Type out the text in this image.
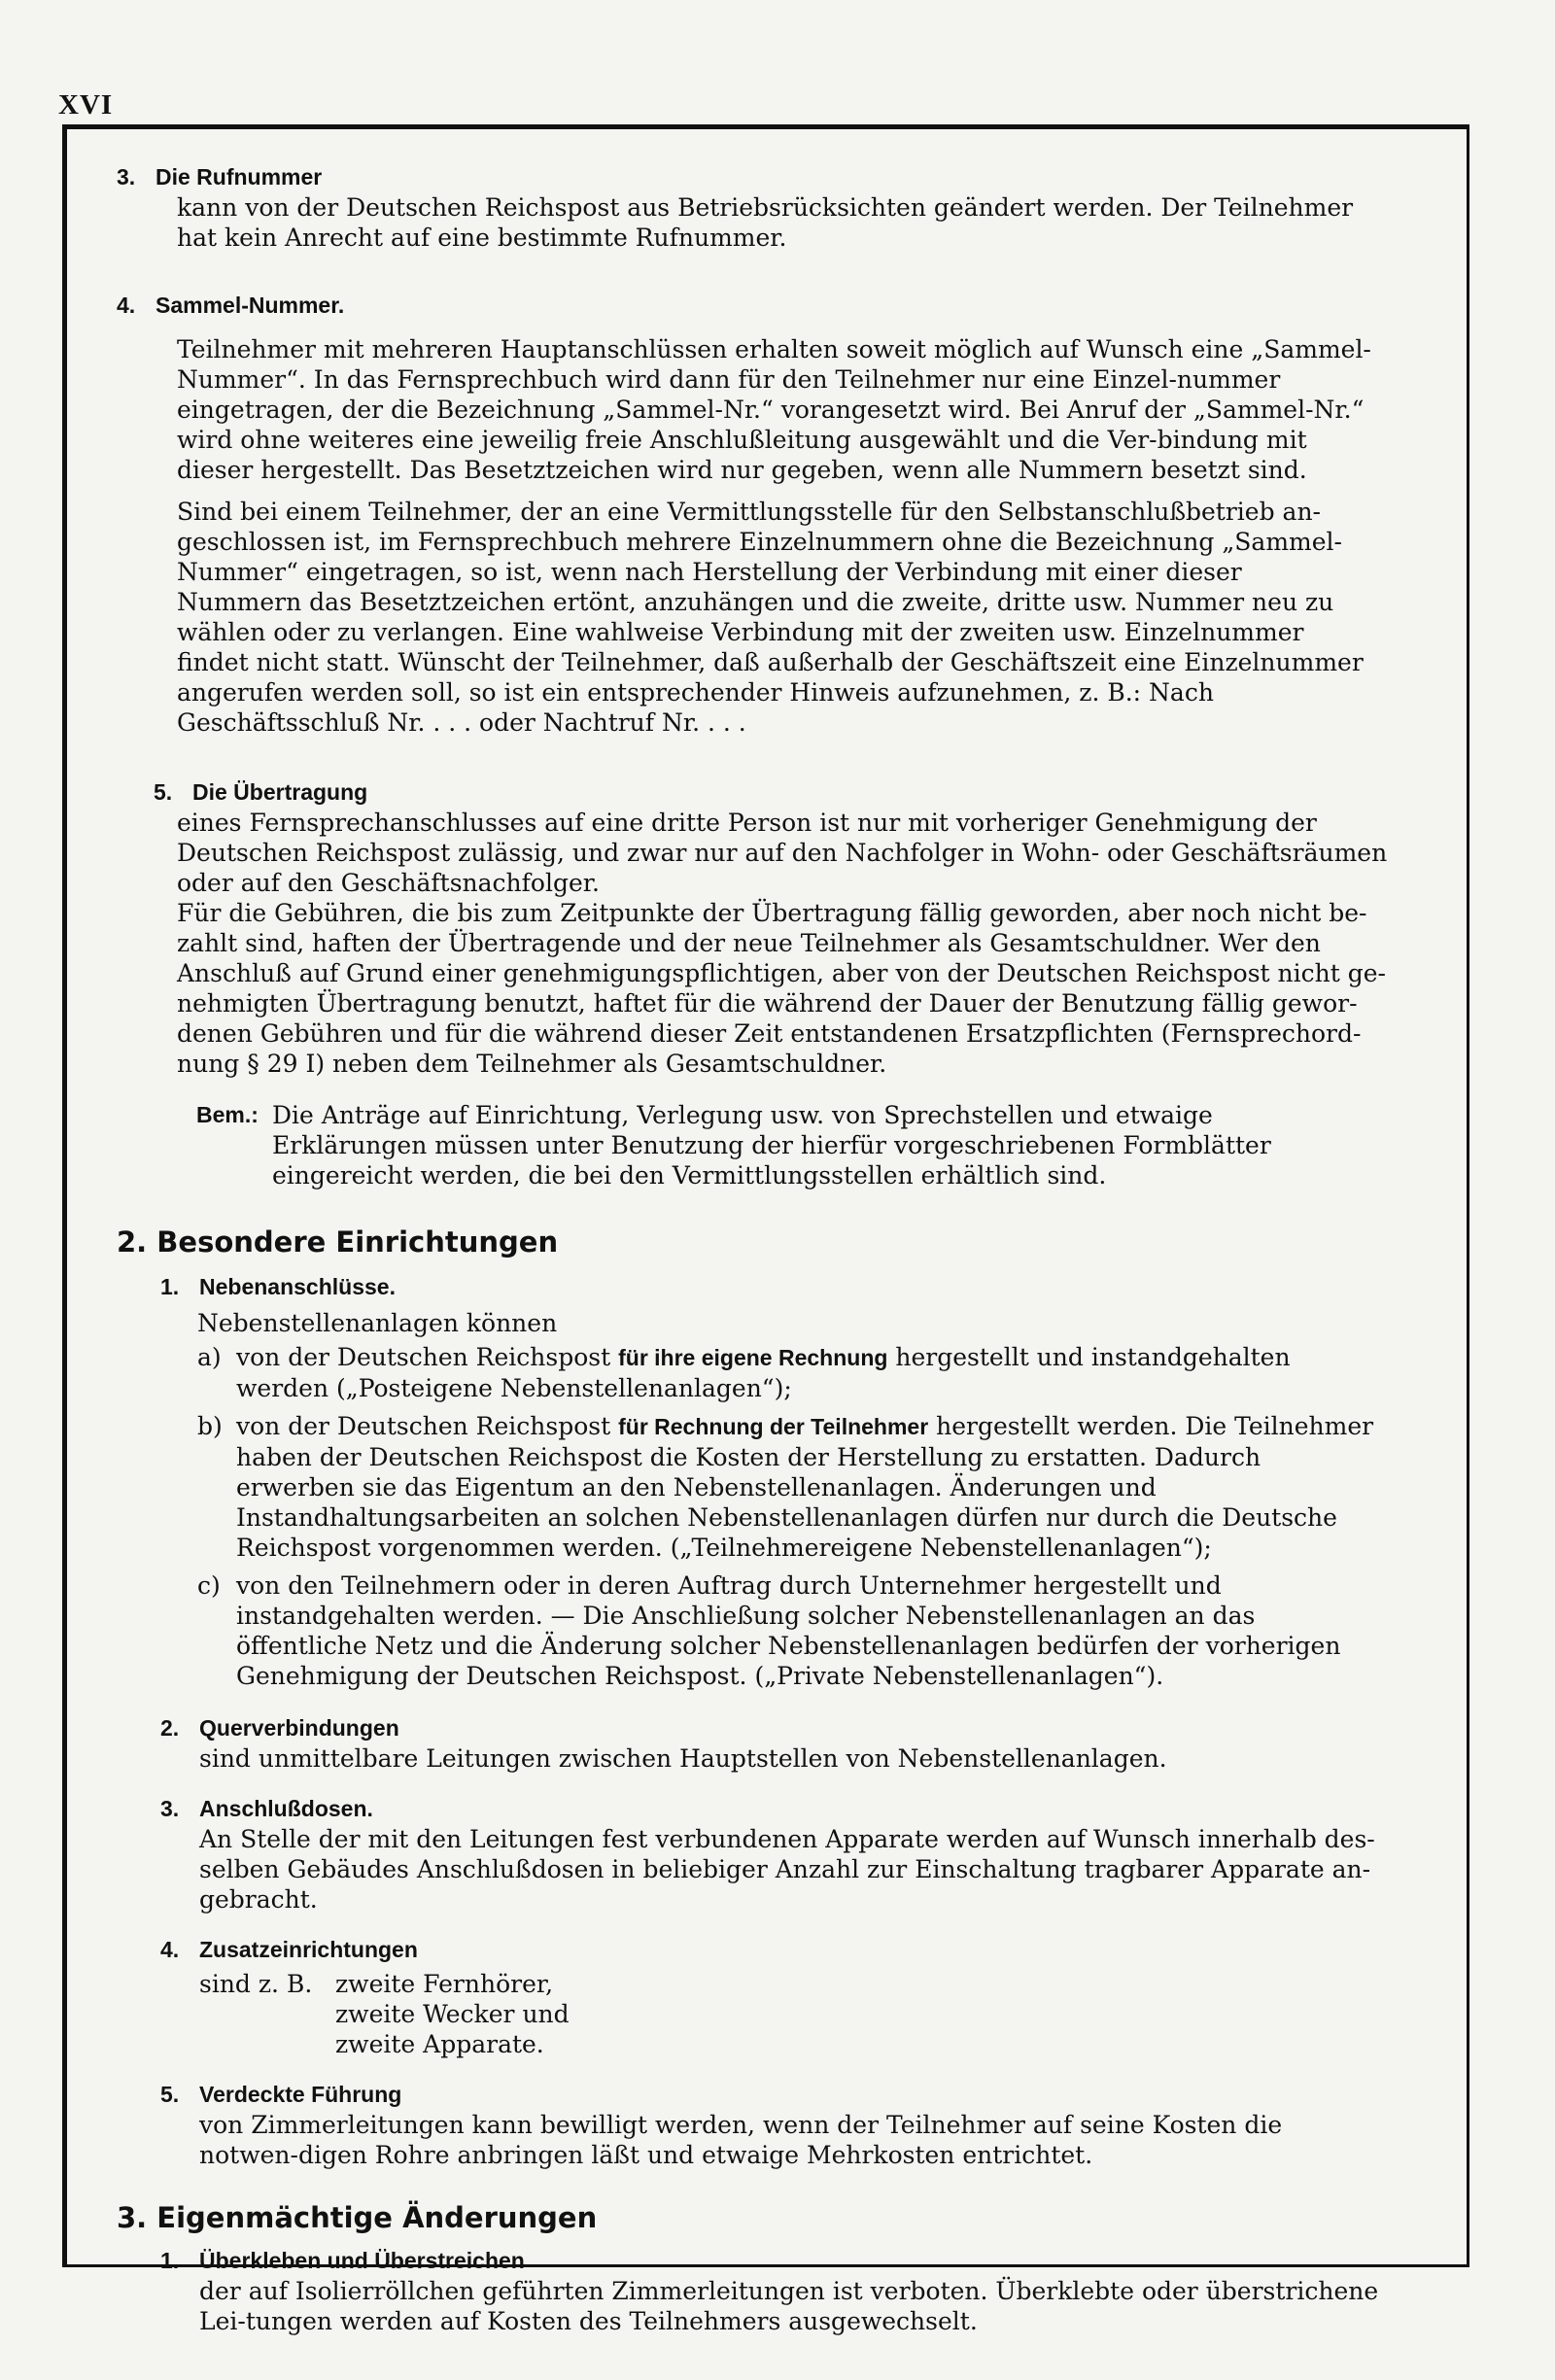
XVI
3. Die Rufnummer

kann von der Deutschen Reichspost aus Betriebsrücksichten geändert werden. Der Teilnehmer hat kein Anrecht auf eine bestimmte Rufnummer.

4. Sammel-Nummer.

Teilnehmer mit mehreren Hauptanschlüssen erhalten soweit möglich auf Wunsch eine „Sammel-Nummer“. In das Fernsprechbuch wird dann für den Teilnehmer nur eine Einzel-nummer eingetragen, der die Bezeichnung „Sammel-Nr.“ vorangesetzt wird. Bei Anruf der „Sammel-Nr.“ wird ohne weiteres eine jeweilig freie Anschlußleitung ausgewählt und die Ver-bindung mit dieser hergestellt. Das Besetztzeichen wird nur gegeben, wenn alle Nummern besetzt sind.

Sind bei einem Teilnehmer, der an eine Vermittlungsstelle für den Selbstanschlußbetrieb an-geschlossen ist, im Fernsprechbuch mehrere Einzelnummern ohne die Bezeichnung „Sammel-Nummer“ eingetragen, so ist, wenn nach Herstellung der Verbindung mit einer dieser Nummern das Besetztzeichen ertönt, anzuhängen und die zweite, dritte usw. Nummer neu zu wählen oder zu verlangen. Eine wahlweise Verbindung mit der zweiten usw. Einzelnummer findet nicht statt. Wünscht der Teilnehmer, daß außerhalb der Geschäftszeit eine Einzelnummer angerufen werden soll, so ist ein entsprechender Hinweis aufzunehmen, z. B.: Nach Geschäftsschluß Nr. . . . oder Nachtruf Nr. . . .

5. Die Übertragung

eines Fernsprechanschlusses auf eine dritte Person ist nur mit vorheriger Genehmigung der Deutschen Reichspost zulässig, und zwar nur auf den Nachfolger in Wohn- oder Geschäftsräumen oder auf den Geschäftsnachfolger.

Für die Gebühren, die bis zum Zeitpunkte der Übertragung fällig geworden, aber noch nicht be-zahlt sind, haften der Übertragende und der neue Teilnehmer als Gesamtschuldner. Wer den Anschluß auf Grund einer genehmigungspflichtigen, aber von der Deutschen Reichspost nicht ge-nehmigten Übertragung benutzt, haftet für die während der Dauer der Benutzung fällig gewor-denen Gebühren und für die während dieser Zeit entstandenen Ersatzpflichten (Fernsprechord-nung § 29 I) neben dem Teilnehmer als Gesamtschuldner.

Bem.: Die Anträge auf Einrichtung, Verlegung usw. von Sprechstellen und etwaige Erklärungen müssen unter Benutzung der hierfür vorgeschriebenen Formblätter eingereicht werden, die bei den Vermittlungsstellen erhältlich sind.

2. Besondere Einrichtungen

1. Nebenanschlüsse.

Nebenstellenanlagen können

a) von der Deutschen Reichspost für ihre eigene Rechnung hergestellt und instandgehalten werden („Posteigene Nebenstellenanlagen“);
b) von der Deutschen Reichspost für Rechnung der Teilnehmer hergestellt werden. Die Teilnehmer haben der Deutschen Reichspost die Kosten der Herstellung zu erstatten. Dadurch erwerben sie das Eigentum an den Nebenstellenanlagen. Änderungen und Instandhaltungsarbeiten an solchen Nebenstellenanlagen dürfen nur durch die Deutsche Reichspost vorgenommen werden. („Teilnehmereigene Nebenstellenanlagen“);
c) von den Teilnehmern oder in deren Auftrag durch Unternehmer hergestellt und instandgehalten werden. — Die Anschließung solcher Nebenstellenanlagen an das öffentliche Netz und die Änderung solcher Nebenstellenanlagen bedürfen der vorherigen Genehmigung der Deutschen Reichspost. („Private Nebenstellenanlagen“).
2. Querverbindungen

sind unmittelbare Leitungen zwischen Hauptstellen von Nebenstellenanlagen.

3. Anschlußdosen.

An Stelle der mit den Leitungen fest verbundenen Apparate werden auf Wunsch innerhalb des-selben Gebäudes Anschlußdosen in beliebiger Anzahl zur Einschaltung tragbarer Apparate an-gebracht.

4. Zusatzeinrichtungen
sind z. B. zweite Fernhörer,
zweite Wecker und
zweite Apparate.
5. Verdeckte Führung

von Zimmerleitungen kann bewilligt werden, wenn der Teilnehmer auf seine Kosten die notwen-digen Rohre anbringen läßt und etwaige Mehrkosten entrichtet.

3. Eigenmächtige Änderungen

1. Überkleben und Überstreichen

der auf Isolierröllchen geführten Zimmerleitungen ist verboten. Überklebte oder überstrichene Lei-tungen werden auf Kosten des Teilnehmers ausgewechselt.
